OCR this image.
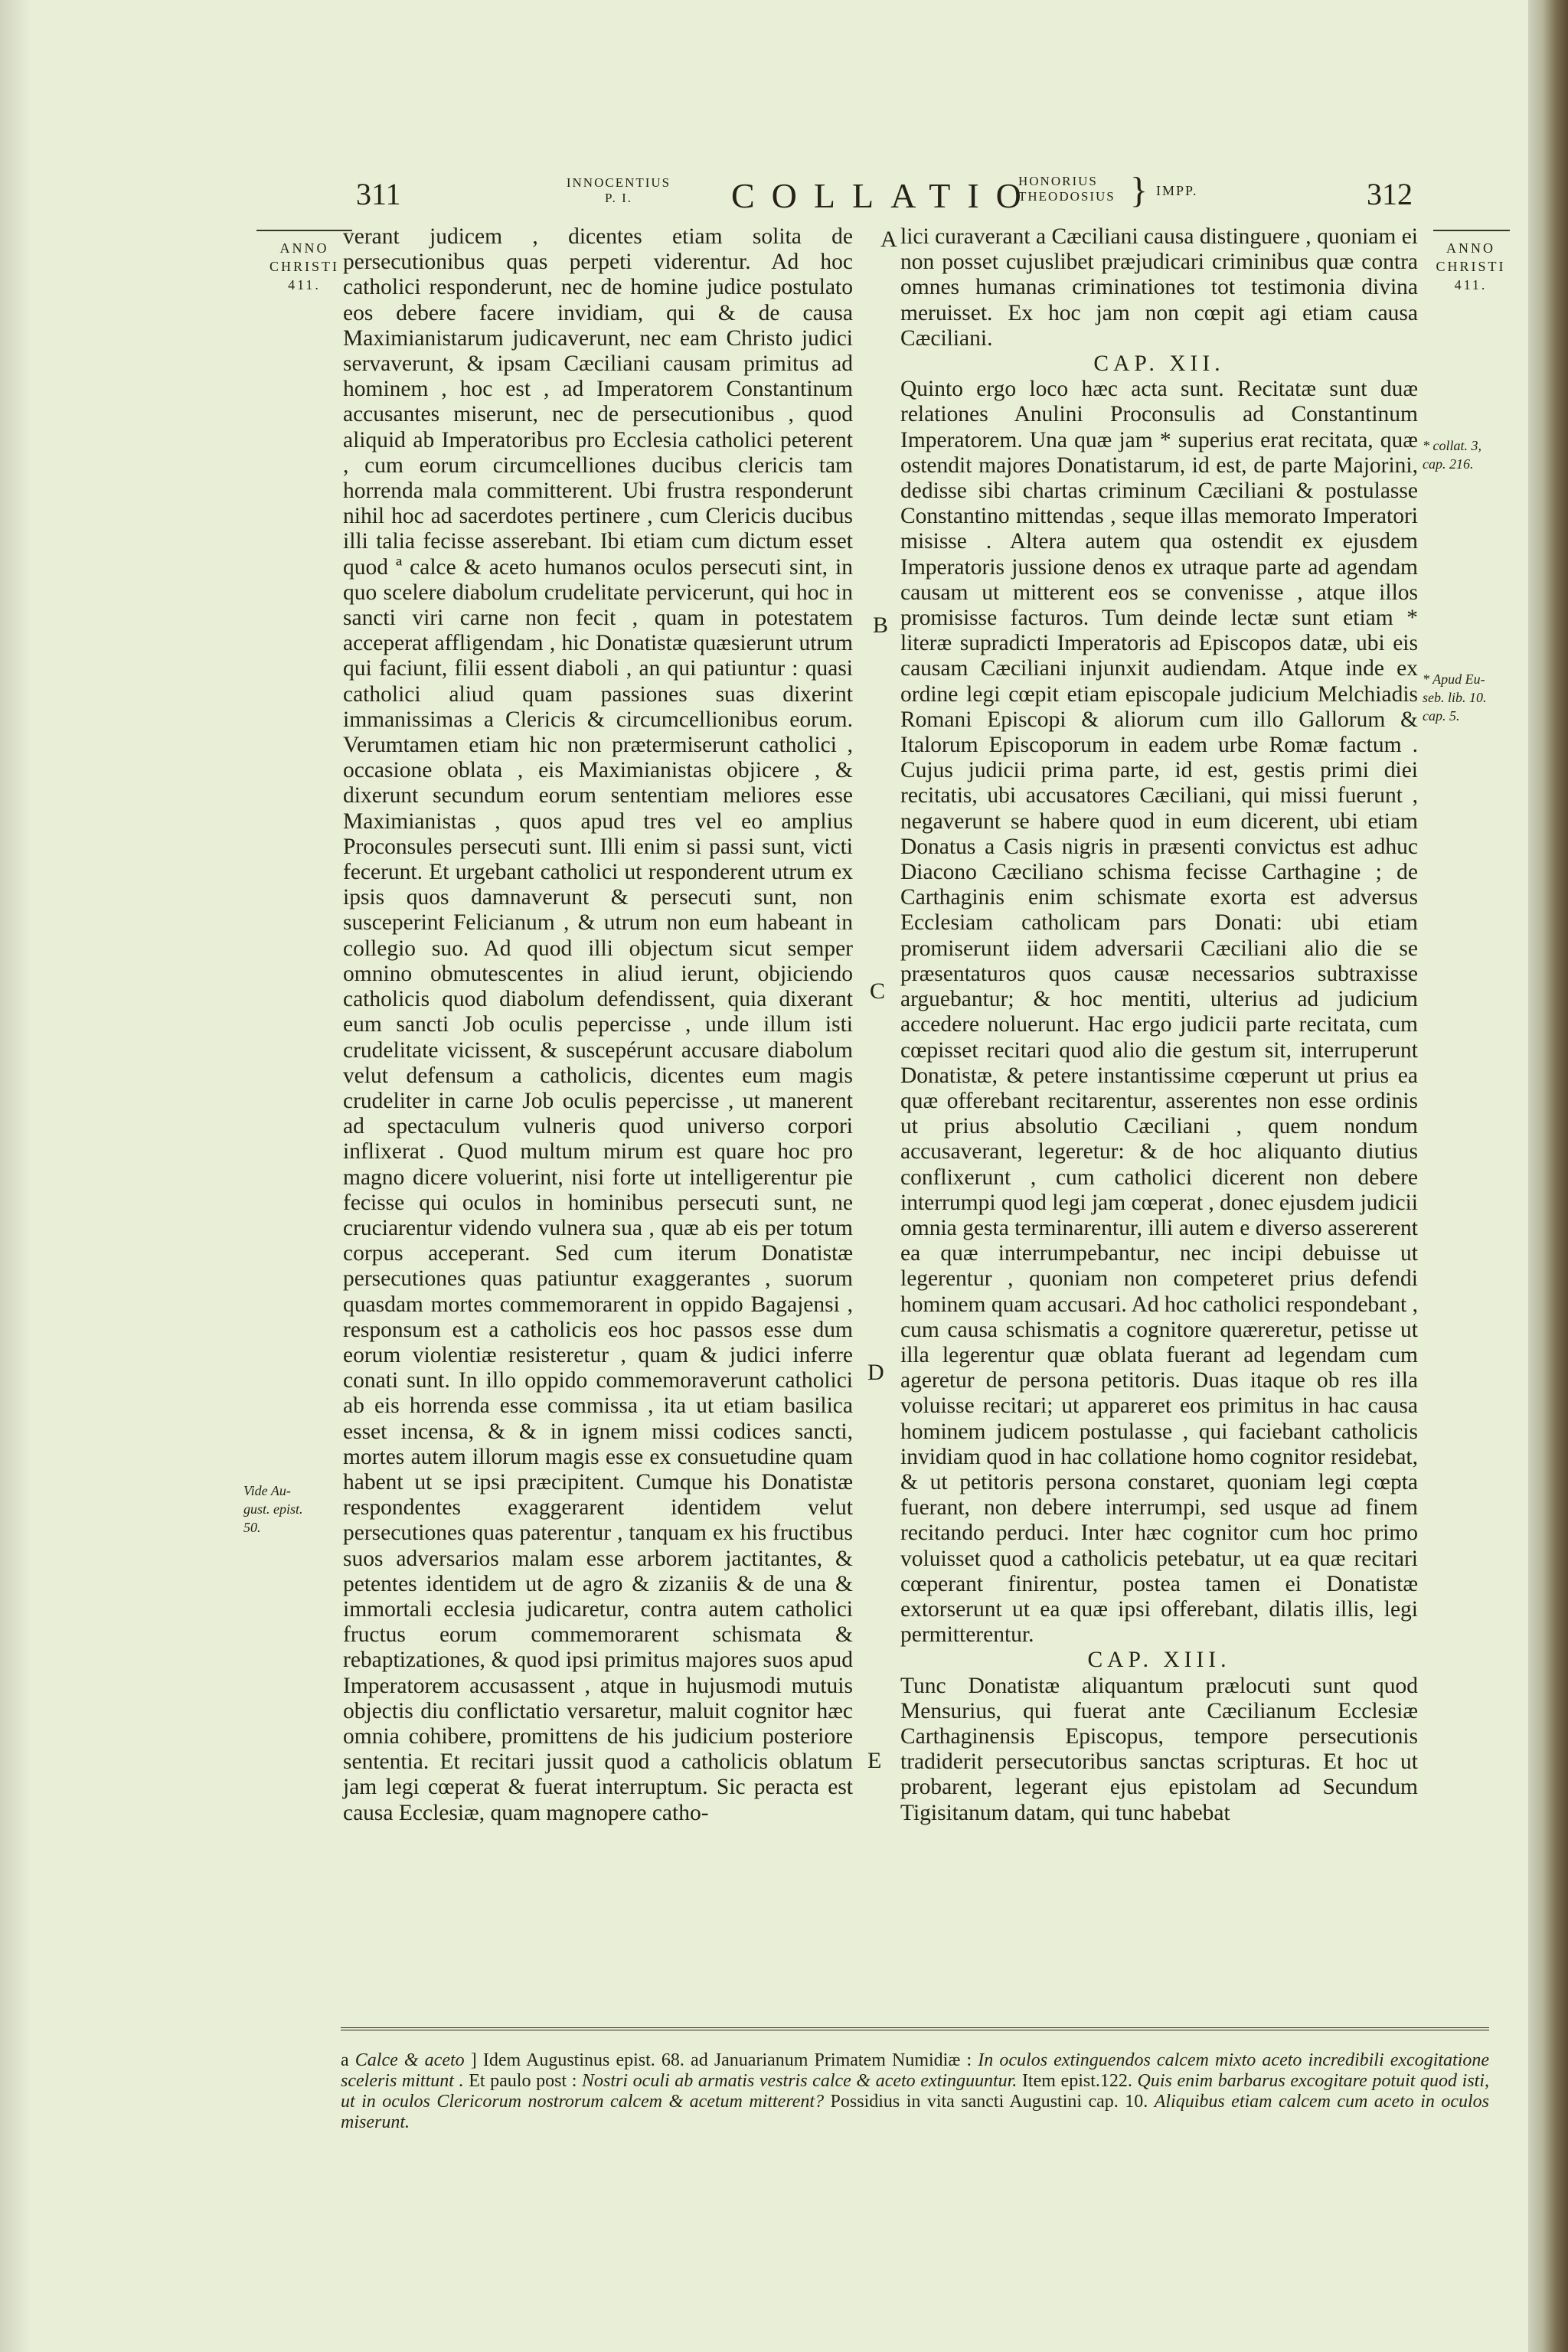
311	INNOCENTIUS
P. I.	COLLATIO
HONORIUS
THEODOSIUS } IMPP.	312
ANNO
CHRISTI
411.
ANNO
CHRISTI
411.
Vide Au-
gust. epist.
50.
* collat. 3,
cap. 216.
* Apud Eu-
seb. lib. 10.
cap. 5.
A
B
C
D
E

verant judicem , dicentes etiam solita de persecutionibus quas perpeti viderentur. Ad hoc catholici responderunt, nec de homine judice postulato eos debere facere invidiam, qui & de causa Maximianistarum judicaverunt, nec eam Christo judici servaverunt, & ipsam Cæciliani causam primitus ad hominem , hoc est , ad Imperatorem Constantinum accusantes miserunt, nec de persecutionibus , quod aliquid ab Imperatoribus pro Ecclesia catholici peterent , cum eorum circumcelliones ducibus clericis tam horrenda mala committerent. Ubi frustra responderunt nihil hoc ad sacerdotes pertinere , cum Clericis ducibus illi talia fecisse asserebant. Ibi etiam cum dictum esset quod ª calce & aceto humanos oculos persecuti sint, in quo scelere diabolum crudelitate pervicerunt, qui hoc in sancti viri carne non fecit , quam in potestatem acceperat affligendam , hic Donatistæ quæsierunt utrum qui faciunt, filii essent diaboli , an qui patiuntur : quasi catholici aliud quam passiones suas dixerint immanissimas a Clericis & circumcellionibus eorum. Verumtamen etiam hic non prætermiserunt catholici , occasione oblata , eis Maximianistas objicere , & dixerunt secundum eorum sententiam meliores esse Maximianistas , quos apud tres vel eo amplius Proconsules persecuti sunt. Illi enim si passi sunt, victi fecerunt. Et urgebant catholici ut responderent utrum ex ipsis quos damnaverunt & persecuti sunt, non susceperint Felicianum , & utrum non eum habeant in collegio suo. Ad quod illi objectum sicut semper omnino obmutescentes in aliud ierunt, objiciendo catholicis quod diabolum defendissent, quia dixerant eum sancti Job oculis pepercisse , unde illum isti crudelitate vicissent, & suscepérunt accusare diabolum velut defensum a catholicis, dicentes eum magis crudeliter in carne Job oculis pepercisse , ut manerent ad spectaculum vulneris quod universo corpori inflixerat . Quod multum mirum est quare hoc pro magno dicere voluerint, nisi forte ut intelligerentur pie fecisse qui oculos in hominibus persecuti sunt, ne cruciarentur videndo vulnera sua , quæ ab eis per totum corpus acceperant. Sed cum iterum Donatistæ persecutiones quas patiuntur exaggerantes , suorum quasdam mortes commemorarent in oppido Bagajensi , responsum est a catholicis eos hoc passos esse dum eorum violentiæ resisteretur , quam & judici inferre conati sunt. In illo oppido commemoraverunt catholici ab eis horrenda esse commissa , ita ut etiam basilica esset incensa, & & in ignem missi codices sancti, mortes autem illorum magis esse ex consuetudine quam habent ut se ipsi præcipitent. Cumque his Donatistæ respondentes exaggerarent identidem velut persecutiones quas paterentur , tanquam ex his fructibus suos adversarios malam esse arborem jactitantes, & petentes identidem ut de agro & zizaniis & de una & immortali ecclesia judicaretur, contra autem catholici fructus eorum commemorarent schismata & rebaptizationes, & quod ipsi primitus majores suos apud Imperatorem accusassent , atque in hujusmodi mutuis objectis diu conflictatio versaretur, maluit cognitor hæc omnia cohibere, promittens de his judicium posteriore sententia. Et recitari jussit quod a catholicis oblatum jam legi cœperat & fuerat interruptum. Sic peracta est causa Ecclesiæ, quam magnopere catho-

lici curaverant a Cæciliani causa distinguere , quoniam ei non posset cujuslibet præjudicari criminibus quæ contra omnes humanas criminationes tot testimonia divina meruisset. Ex hoc jam non cœpit agi etiam causa Cæciliani.

CAP. XII.

Quinto ergo loco hæc acta sunt. Recitatæ sunt duæ relationes Anulini Proconsulis ad Constantinum Imperatorem. Una quæ jam * superius erat recitata, quæ ostendit majores Donatistarum, id est, de parte Majorini, dedisse sibi chartas criminum Cæciliani & postulasse Constantino mittendas , seque illas memorato Imperatori misisse . Altera autem qua ostendit ex ejusdem Imperatoris jussione denos ex utraque parte ad agendam causam ut mitterent eos se convenisse , atque illos promisisse facturos. Tum deinde lectæ sunt etiam * literæ supradicti Imperatoris ad Episcopos datæ, ubi eis causam Cæciliani injunxit audiendam. Atque inde ex ordine legi cœpit etiam episcopale judicium Melchiadis Romani Episcopi & aliorum cum illo Gallorum & Italorum Episcoporum in eadem urbe Romæ factum . Cujus judicii prima parte, id est, gestis primi diei recitatis, ubi accusatores Cæciliani, qui missi fuerunt , negaverunt se habere quod in eum dicerent, ubi etiam Donatus a Casis nigris in præsenti convictus est adhuc Diacono Cæciliano schisma fecisse Carthagine ; de Carthaginis enim schismate exorta est adversus Ecclesiam catholicam pars Donati: ubi etiam promiserunt iidem adversarii Cæciliani alio die se præsentaturos quos causæ necessarios subtraxisse arguebantur; & hoc mentiti, ulterius ad judicium accedere noluerunt. Hac ergo judicii parte recitata, cum cœpisset recitari quod alio die gestum sit, interruperunt Donatistæ, & petere instantissime cœperunt ut prius ea quæ offerebant recitarentur, asserentes non esse ordinis ut prius absolutio Cæciliani , quem nondum accusaverant, legeretur: & de hoc aliquanto diutius conflixerunt , cum catholici dicerent non debere interrumpi quod legi jam cœperat , donec ejusdem judicii omnia gesta terminarentur, illi autem e diverso assererent ea quæ interrumpebantur, nec incipi debuisse ut legerentur , quoniam non competeret prius defendi hominem quam accusari. Ad hoc catholici respondebant , cum causa schismatis a cognitore quæreretur, petisse ut illa legerentur quæ oblata fuerant ad legendam cum ageretur de persona petitoris. Duas itaque ob res illa voluisse recitari; ut appareret eos primitus in hac causa hominem judicem postulasse , qui faciebant catholicis invidiam quod in hac collatione homo cognitor residebat, & ut petitoris persona constaret, quoniam legi cœpta fuerant, non debere interrumpi, sed usque ad finem recitando perduci. Inter hæc cognitor cum hoc primo voluisset quod a catholicis petebatur, ut ea quæ recitari cœperant finirentur, postea tamen ei Donatistæ extorserunt ut ea quæ ipsi offerebant, dilatis illis, legi permitterentur.

CAP. XIII.

Tunc Donatistæ aliquantum prælocuti sunt quod Mensurius, qui fuerat ante Cæcilianum Ecclesiæ Carthaginensis Episcopus, tempore persecutionis tradiderit persecutoribus sanctas scripturas. Et hoc ut probarent, legerant ejus epistolam ad Secundum Tigisitanum datam, qui tunc habebat

a Calce & aceto ] Idem Augustinus epist. 68. ad Januarianum Primatem Numidiæ : In oculos extinguendos calcem mixto aceto incredibili excogitatione sceleris mittunt . Et paulo post : Nostri oculi ab armatis vestris calce & aceto extinguuntur. Item epist.122. Quis enim barbarus excogitare potuit quod isti, ut in oculos Clericorum nostrorum calcem & acetum mitterent? Possidius in vita sancti Augustini cap. 10. Aliquibus etiam calcem cum aceto in oculos miserunt.
